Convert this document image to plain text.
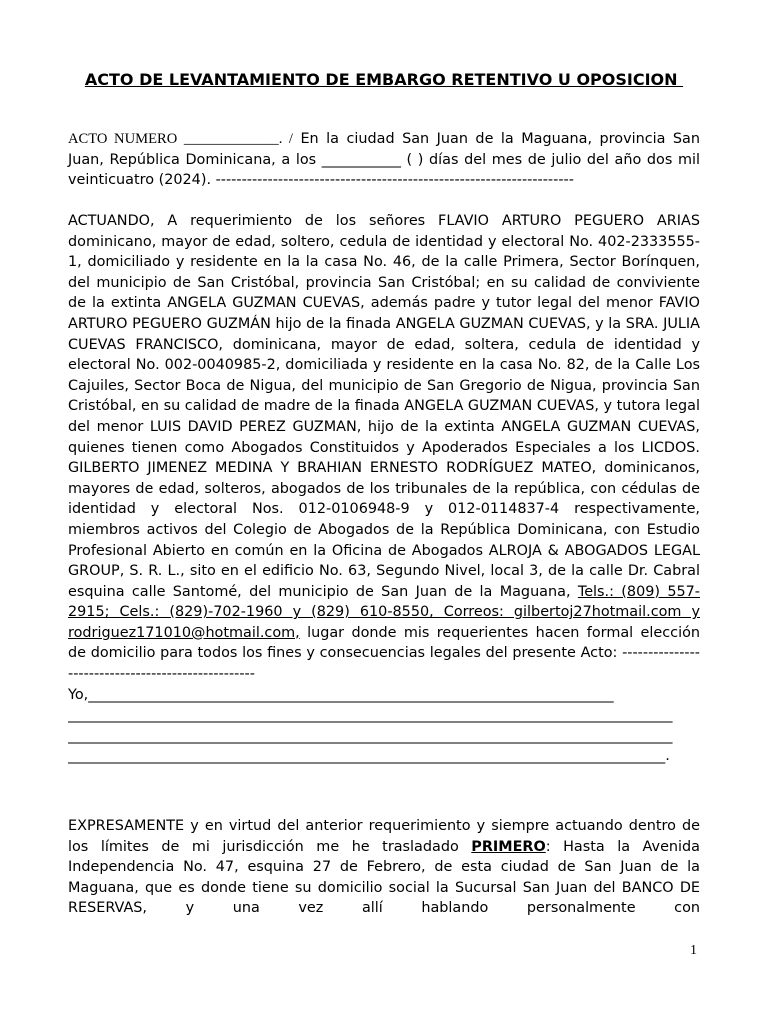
ACTO DE LEVANTAMIENTO DE EMBARGO RETENTIVO U OPOSICION
ACTO NUMERO _____________. / En la ciudad San Juan de la Maguana, provincia San Juan, República Dominicana, a los ___________ ( ) días del mes de julio del año dos mil veinticuatro (2024). ---------------------------------------------------------------------
ACTUANDO, A requerimiento de los señores FLAVIO ARTURO PEGUERO ARIAS dominicano, mayor de edad, soltero, cedula de identidad y electoral No. 402-2333555-1, domiciliado y residente en la la casa No. 46, de la calle Primera, Sector Borínquen, del municipio de San Cristóbal, provincia San Cristóbal; en su calidad de conviviente de la extinta ANGELA GUZMAN CUEVAS, además padre y tutor legal del menor FAVIO ARTURO PEGUERO GUZMÁN hijo de la finada ANGELA GUZMAN CUEVAS, y la SRA. JULIA CUEVAS FRANCISCO, dominicana, mayor de edad, soltera, cedula de identidad y electoral No. 002-0040985-2, domiciliada y residente en la casa No. 82, de la Calle Los Cajuiles, Sector Boca de Nigua, del municipio de San Gregorio de Nigua, provincia San Cristóbal, en su calidad de madre de la finada ANGELA GUZMAN CUEVAS, y tutora legal del menor LUIS DAVID PEREZ GUZMAN, hijo de la extinta ANGELA GUZMAN CUEVAS, quienes tienen como Abogados Constituidos y Apoderados Especiales a los LICDOS. GILBERTO JIMENEZ MEDINA Y BRAHIAN ERNESTO RODRÍGUEZ MATEO, dominicanos, mayores de edad, solteros, abogados de los tribunales de la república, con cédulas de identidad y electoral Nos. 012-0106948-9 y 012-0114837-4 respectivamente, miembros activos del Colegio de Abogados de la República Dominicana, con Estudio Profesional Abierto en común en la Oficina de Abogados ALROJA & ABOGADOS LEGAL GROUP, S. R. L., sito en el edificio No. 63, Segundo Nivel, local 3, de la calle Dr. Cabral esquina calle Santomé, del municipio de San Juan de la Maguana, Tels.: (809) 557-2915; Cels.: (829)-702-1960 y (829) 610-8550, Correos: gilbertoj27hotmail.com y rodriguez171010@hotmail.com, lugar donde mis requerientes hacen formal elección de domicilio para todos los fines y consecuencias legales del presente Acto: ---------------------------------------------------
Yo,_________________________________________________________________________
____________________________________________________________________________________
____________________________________________________________________________________
___________________________________________________________________________________.
EXPRESAMENTE y en virtud del anterior requerimiento y siempre actuando dentro de los límites de mi jurisdicción me he trasladado PRIMERO: Hasta la Avenida Independencia No. 47, esquina 27 de Febrero, de esta ciudad de San Juan de la Maguana, que es donde tiene su domicilio social la Sucursal San Juan del BANCO DE RESERVAS, y una vez allí hablando personalmente con
1
